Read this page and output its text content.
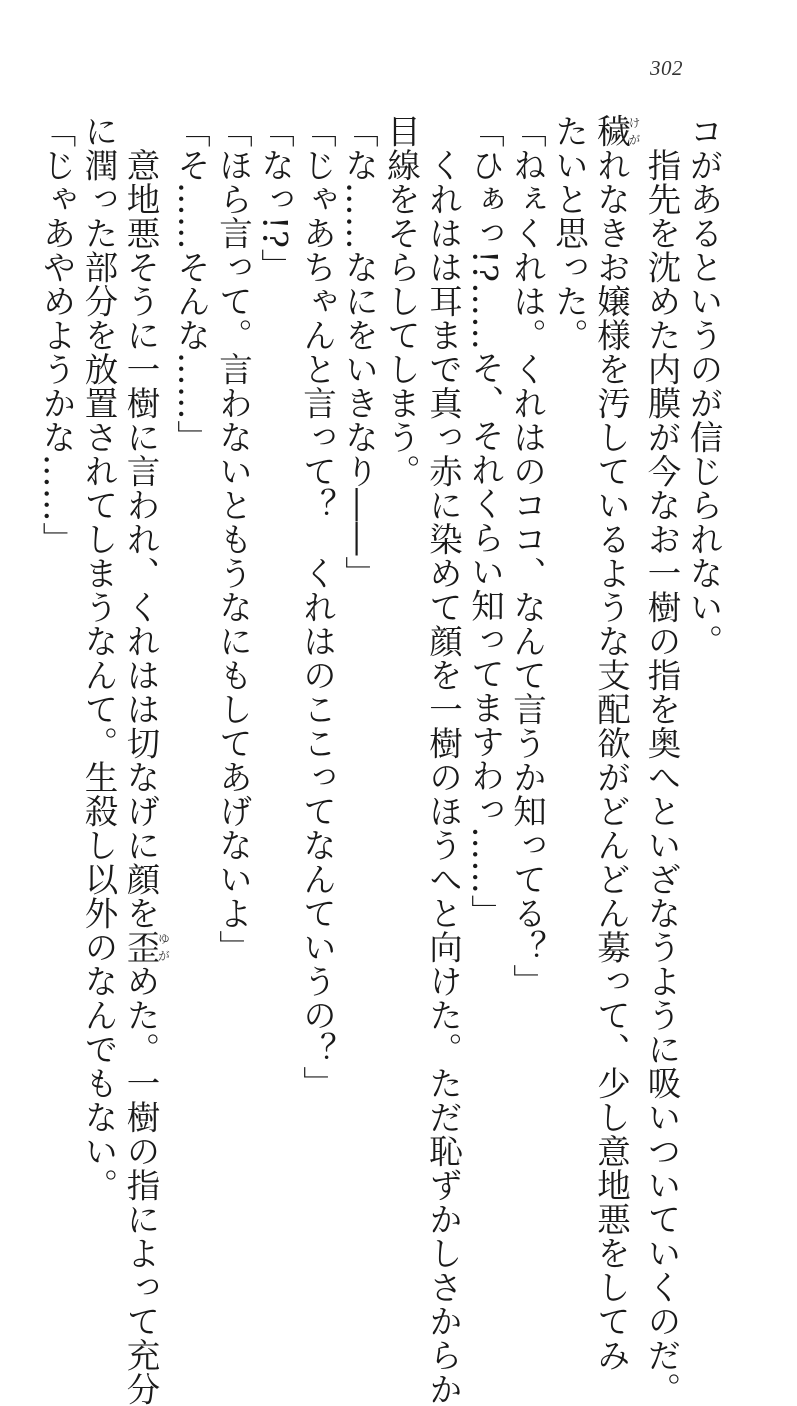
302

コがあるというのが信じられない。

　指先を沈めた内膜が今なお一樹の指を奥へといざなうように吸いついていくのだ。

穢けがれなきお嬢様を汚しているような支配欲がどんどん募って、少し意地悪をしてみ

たいと思った。

「ねぇくれは。くれはのココ、なんて言うか知ってる？」

「ひぁっ!?……そ、それくらい知ってますわっ……」

　くれはは耳まで真っ赤に染めて顔を一樹のほうへと向けた。ただ恥ずかしさからか

目線をそらしてしまう。

「な……なにをいきなり――」

「じゃあちゃんと言って？　くれはのここってなんていうの？」

「なっ!?」

「ほら言って。言わないともうなにもしてあげないよ」

「そ……そんな……」

　意地悪そうに一樹に言われ、くれはは切なげに顔を歪ゆがめた。一樹の指によって充分

に潤った部分を放置されてしまうなんて。生殺し以外のなんでもない。

「じゃあやめようかな……」
